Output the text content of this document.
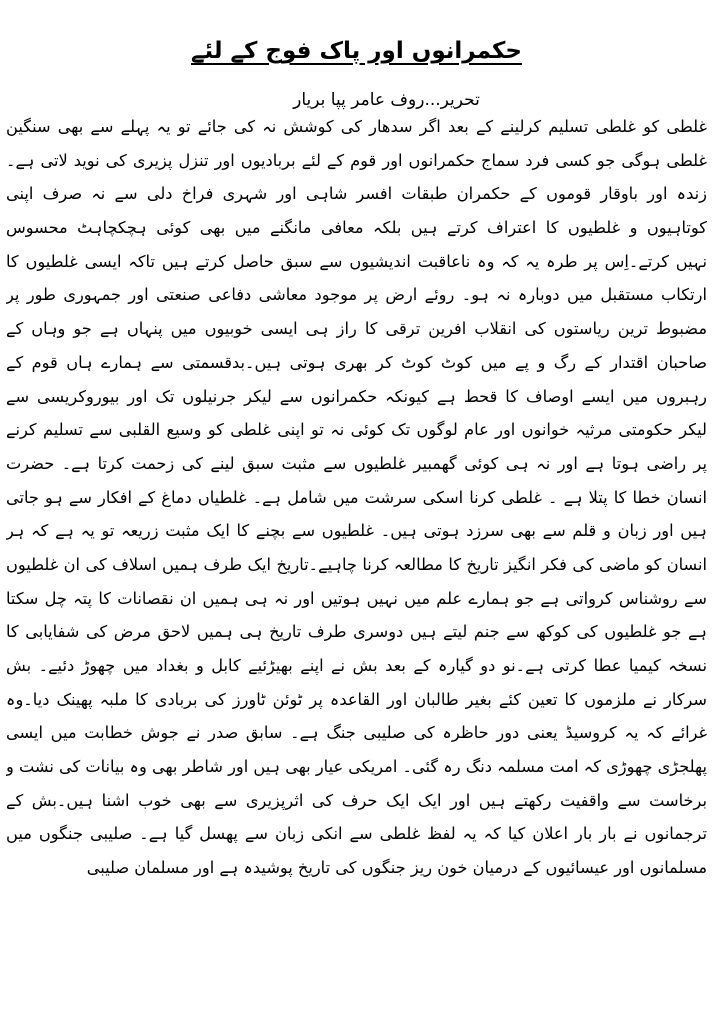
حکمرانوں اور پاک فوج کے لئے
تحریر...روف عامر پپا بریار
غلطی کو غلطی تسلیم کرلینے کے بعد اگر سدھار کی کوشش نہ کی جائے تو یہ پہلے سے بھی سنگین
غلطی ہوگی جو کسی فرد سماج حکمرانوں اور قوم کے لئے بربادیوں اور تنزل پزیری کی نوید لاتی ہے۔
زندہ اور باوقار قوموں کے حکمران طبقات افسر شاہی اور شہری فراخ دلی سے نہ صرف اپنی
کوتاہیوں و غلطیوں کا اعتراف کرتے ہیں بلکہ معافی مانگنے میں بھی کوئی ہچکچاہٹ محسوس
نہیں کرتے۔اِس پر طرہ یہ کہ وہ ناعاقبت اندیشیوں سے سبق حاصل کرتے ہیں تاکہ ایسی غلطیوں کا
ارتکاب مستقبل میں دوبارہ نہ ہو۔ روئے ارض پر موجود معاشی دفاعی صنعتی اور جمہوری طور پر
مضبوط ترین ریاستوں کی انقلاب افرین ترقی کا راز ہی ایسی خوبیوں میں پنہاں ہے جو وہاں کے
صاحبان اقتدار کے رگ و پے میں کوٹ کوٹ کر بھری ہوتی ہیں۔بدقسمتی سے ہمارے ہاں قوم کے
رہبروں میں ایسے اوصاف کا قحط ہے کیونکہ حکمرانوں سے لیکر جرنیلوں تک اور بیوروکریسی سے
لیکر حکومتی مرثیہ خوانوں اور عام لوگوں تک کوئی نہ تو اپنی غلطی کو وسیع القلبی سے تسلیم کرنے
پر راضی ہوتا ہے اور نہ ہی کوئی گھمبیر غلطیوں سے مثبت سبق لینے کی زحمت کرتا ہے۔ حضرت
انسان خطا کا پتلا ہے ۔ غلطی کرنا اسکی سرشت میں شامل ہے۔ غلطیاں دماغ کے افکار سے ہو جاتی
ہیں اور زبان و قلم سے بھی سرزد ہوتی ہیں۔ غلطیوں سے بچنے کا ایک مثبت زریعہ تو یہ ہے کہ ہر
انسان کو ماضی کی فکر انگیز تاریخ کا مطالعہ کرنا چاہیے۔تاریخ ایک طرف ہمیں اسلاف کی ان غلطیوں
سے روشناس کرواتی ہے جو ہمارے علم میں نہیں ہوتیں اور نہ ہی ہمیں ان نقصانات کا پتہ چل سکتا
ہے جو غلطیوں کی کوکھ سے جنم لیتے ہیں دوسری طرف تاریخ ہی ہمیں لاحق مرض کی شفایابی کا
نسخہ کیمیا عطا کرتی ہے۔نو دو گیارہ کے بعد بش نے اپنے بھیڑئیے کابل و بغداد میں چھوڑ دئیے۔ بش
سرکار نے ملزموں کا تعین کئے بغیر طالبان اور القاعدہ پر ٹوئن ٹاورز کی بربادی کا ملبہ پھینک دیا۔وہ
غرائے کہ یہ کروسیڈ یعنی دور حاظرہ کی صلیبی جنگ ہے۔ سابق صدر نے جوش خطابت میں ایسی
پھلجڑی چھوڑی کہ امت مسلمہ دنگ رہ گئی۔ امریکی عیار بھی ہیں اور شاطر بھی وہ بیانات کی نشت و
برخاست سے واقفیت رکھتے ہیں اور ایک ایک حرف کی اثرپزیری سے بھی خوب اشنا ہیں۔بش کے
ترجمانوں نے بار بار اعلان کیا کہ یہ لفظ غلطی سے انکی زبان سے پھسل گیا ہے۔ صلیبی جنگوں میں
مسلمانوں اور عیسائیوں کے درمیان خون ریز جنگوں کی تاریخ پوشیدہ ہے اور مسلمان صلیبی
